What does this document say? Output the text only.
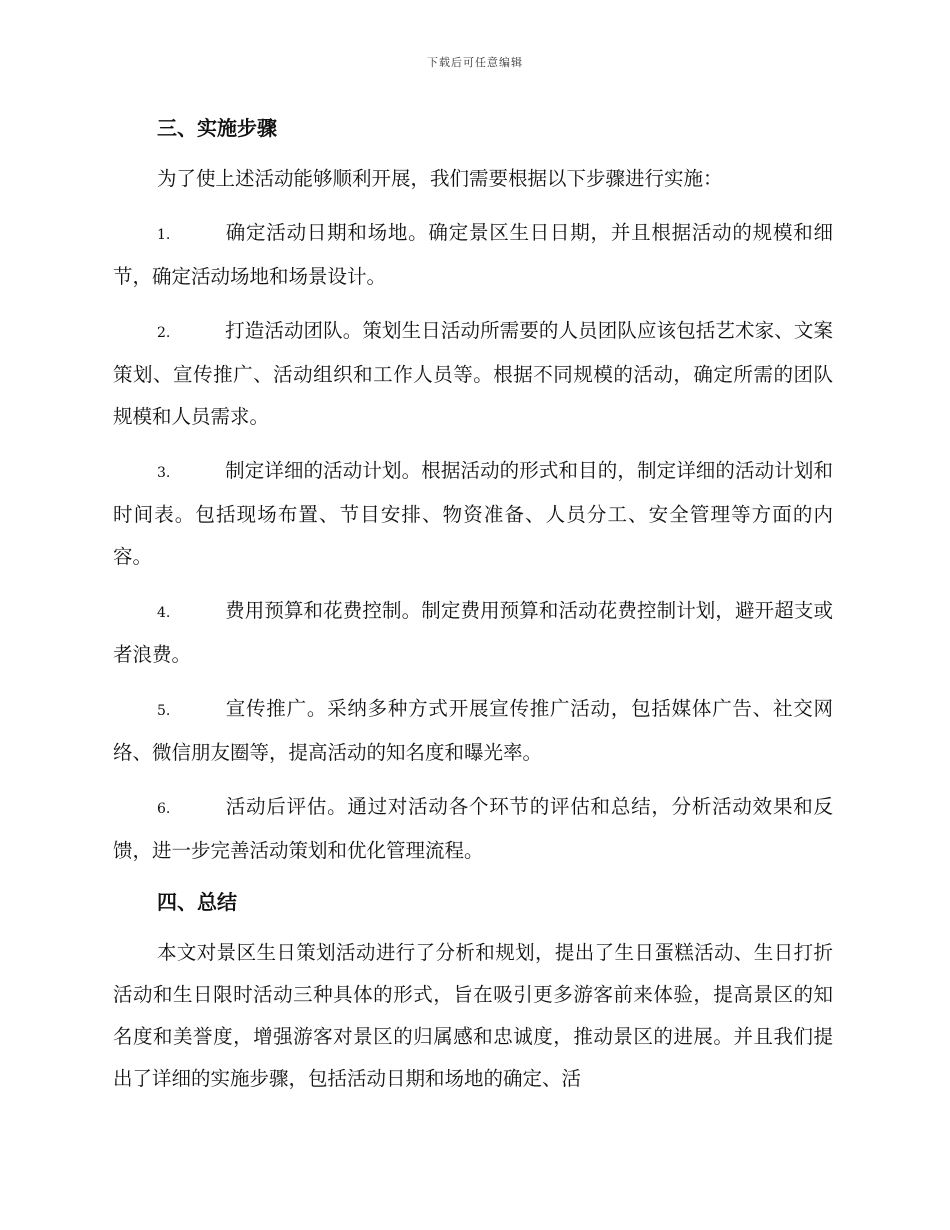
下载后可任意编辑
三、实施步骤

为了使上述活动能够顺利开展，我们需要根据以下步骤进行实施：

1.	确定活动日期和场地。确定景区生日日期，并且根据活动的规模和细节，确定活动场地和场景设计。

2.	打造活动团队。策划生日活动所需要的人员团队应该包括艺术家、文案策划、宣传推广、活动组织和工作人员等。根据不同规模的活动，确定所需的团队规模和人员需求。

3.	制定详细的活动计划。根据活动的形式和目的，制定详细的活动计划和时间表。包括现场布置、节目安排、物资准备、人员分工、安全管理等方面的内容。

4.	费用预算和花费控制。制定费用预算和活动花费控制计划，避开超支或者浪费。

5.	宣传推广。采纳多种方式开展宣传推广活动，包括媒体广告、社交网络、微信朋友圈等，提高活动的知名度和曝光率。

6.	活动后评估。通过对活动各个环节的评估和总结，分析活动效果和反馈，进一步完善活动策划和优化管理流程。

四、总结

本文对景区生日策划活动进行了分析和规划，提出了生日蛋糕活动、生日打折活动和生日限时活动三种具体的形式，旨在吸引更多游客前来体验，提高景区的知名度和美誉度，增强游客对景区的归属感和忠诚度，推动景区的进展。并且我们提出了详细的实施步骤，包括活动日期和场地的确定、活
